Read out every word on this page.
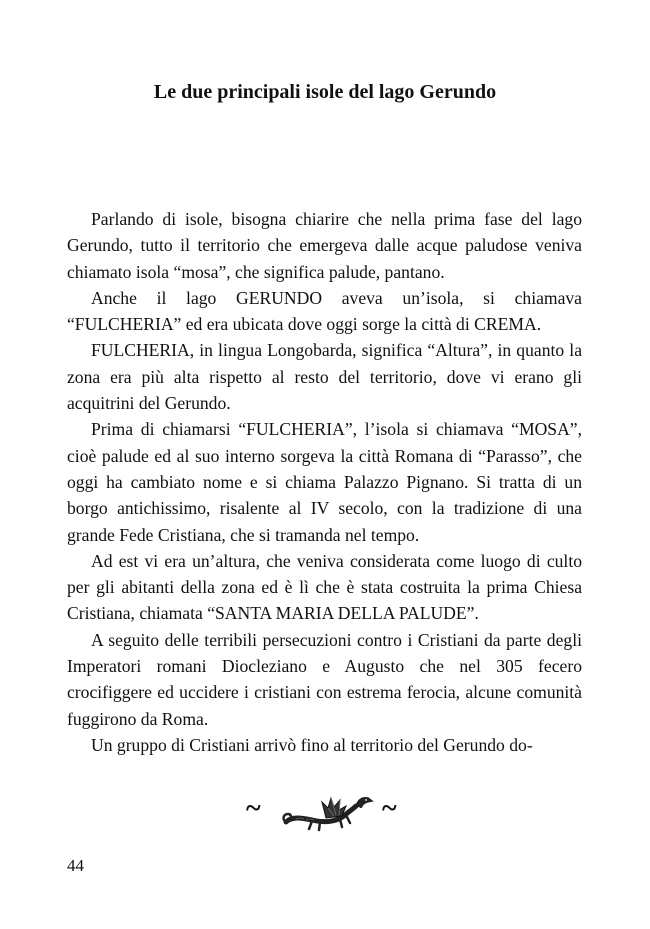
Le due principali isole del lago Gerundo

Parlando di isole, bisogna chiarire che nella prima fase del lago Gerundo, tutto il territorio che emergeva dalle acque paludose veniva chiamato isola “mosa”, che significa palude, pantano.

Anche il lago GERUNDO aveva un’isola, si chiamava “FULCHERIA” ed era ubicata dove oggi sorge la città di CREMA.

FULCHERIA, in lingua Longobarda, significa “Altura”, in quanto la zona era più alta rispetto al resto del territorio, dove vi erano gli acquitrini del Gerundo.

Prima di chiamarsi “FULCHERIA”, l’isola si chiamava “MOSA”, cioè palude ed al suo interno sorgeva la città Romana di “Parasso”, che oggi ha cambiato nome e si chiama Palazzo Pignano. Si tratta di un borgo antichissimo, risalente al IV secolo, con la tradizione di una grande Fede Cristiana, che si tramanda nel tempo.

Ad est vi era un’altura, che veniva considerata come luogo di culto per gli abitanti della zona ed è lì che è stata costruita la prima Chiesa Cristiana, chiamata “SANTA MARIA DELLA PALUDE”.

A seguito delle terribili persecuzioni contro i Cristiani da parte degli Imperatori romani Diocleziano e Augusto che nel 305 fecero crocifiggere ed uccidere i cristiani con estrema ferocia, alcune comunità fuggirono da Roma.

Un gruppo di Cristiani arrivò fino al territorio del Gerundo do-

~	~
44
